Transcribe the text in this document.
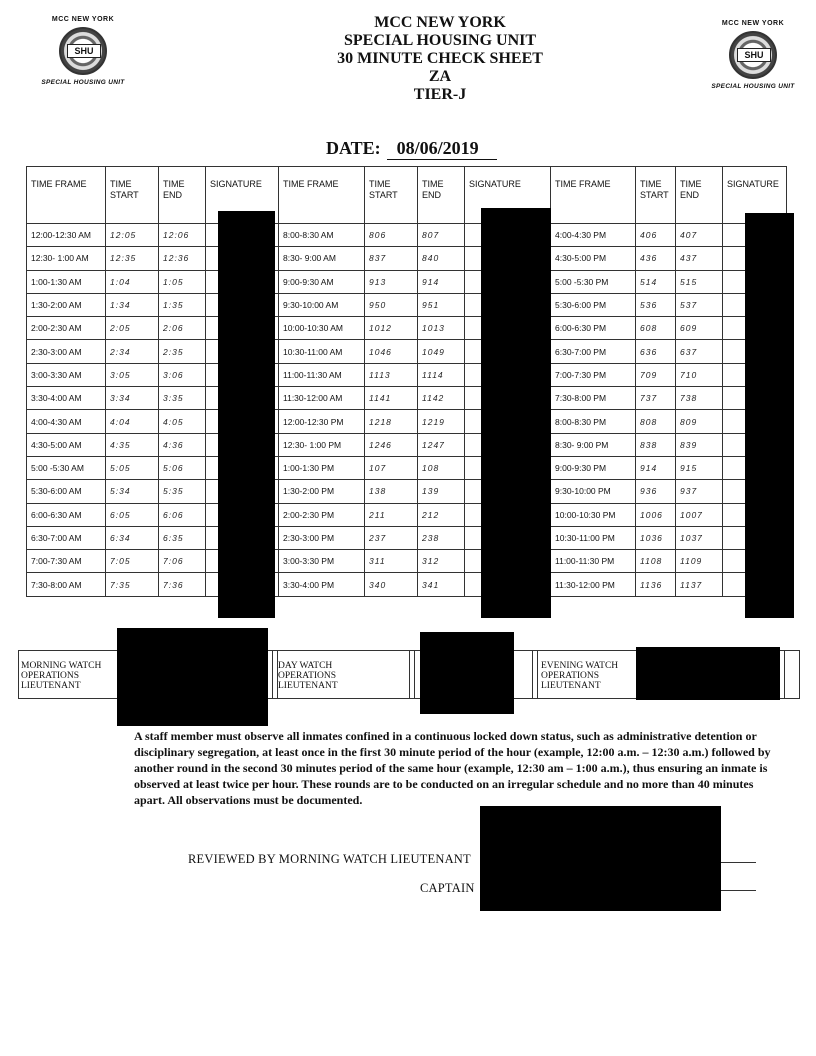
MCC NEW YORK
SHU
SPECIAL HOUSING UNIT
MCC NEW YORK
SHU
SPECIAL HOUSING UNIT
MCC NEW YORK
SPECIAL HOUSING UNIT
30 MINUTE CHECK SHEET
ZA
TIER-J
DATE: 08/06/2019
TIME FRAME	TIME START	TIME END	SIGNATURE	TIME FRAME	TIME START	TIME END	SIGNATURE	TIME FRAME	TIME START	TIME END	SIGNATURE
12:00-12:30 AM	12:05	12:06		8:00-8:30 AM	806	807		4:00-4:30 PM	406	407	
12:30- 1:00 AM	12:35	12:36		8:30- 9:00 AM	837	840		4:30-5:00 PM	436	437	
1:00-1:30 AM	1:04	1:05		9:00-9:30 AM	913	914		5:00 -5:30 PM	514	515	
1:30-2:00 AM	1:34	1:35		9:30-10:00 AM	950	951		5:30-6:00 PM	536	537	
2:00-2:30 AM	2:05	2:06		10:00-10:30 AM	1012	1013		6:00-6:30 PM	608	609	
2:30-3:00 AM	2:34	2:35		10:30-11:00 AM	1046	1049		6:30-7:00 PM	636	637	
3:00-3:30 AM	3:05	3:06		11:00-11:30 AM	1113	1114		7:00-7:30 PM	709	710	
3:30-4:00 AM	3:34	3:35		11:30-12:00 AM	1141	1142		7:30-8:00 PM	737	738	
4:00-4:30 AM	4:04	4:05		12:00-12:30 PM	1218	1219		8:00-8:30 PM	808	809	
4:30-5:00 AM	4:35	4:36		12:30- 1:00 PM	1246	1247		8:30- 9:00 PM	838	839	
5:00 -5:30 AM	5:05	5:06		1:00-1:30 PM	107	108		9:00-9:30 PM	914	915	
5:30-6:00 AM	5:34	5:35		1:30-2:00 PM	138	139		9:30-10:00 PM	936	937	
6:00-6:30 AM	6:05	6:06		2:00-2:30 PM	211	212		10:00-10:30 PM	1006	1007	
6:30-7:00 AM	6:34	6:35		2:30-3:00 PM	237	238		10:30-11:00 PM	1036	1037	
7:00-7:30 AM	7:05	7:06		3:00-3:30 PM	311	312		11:00-11:30 PM	1108	1109	
7:30-8:00 AM	7:35	7:36		3:30-4:00 PM	340	341		11:30-12:00 PM	1136	1137	
MORNING WATCH
OPERATIONS
LIEUTENANT
DAY WATCH
OPERATIONS
LIEUTENANT
EVENING WATCH
OPERATIONS
LIEUTENANT
A staff member must observe all inmates confined in a continuous locked down status, such as administrative detention or disciplinary segregation, at least once in the first 30 minute period of the hour (example, 12:00 a.m. – 12:30 a.m.) followed by another round in the second 30 minutes period of the same hour (example, 12:30 am – 1:00 a.m.), thus ensuring an inmate is observed at least twice per hour. These rounds are to be conducted on an irregular schedule and no more than 40 minutes apart. All observations must be documented.
REVIEWED BY MORNING WATCH LIEUTENANT
CAPTAIN
